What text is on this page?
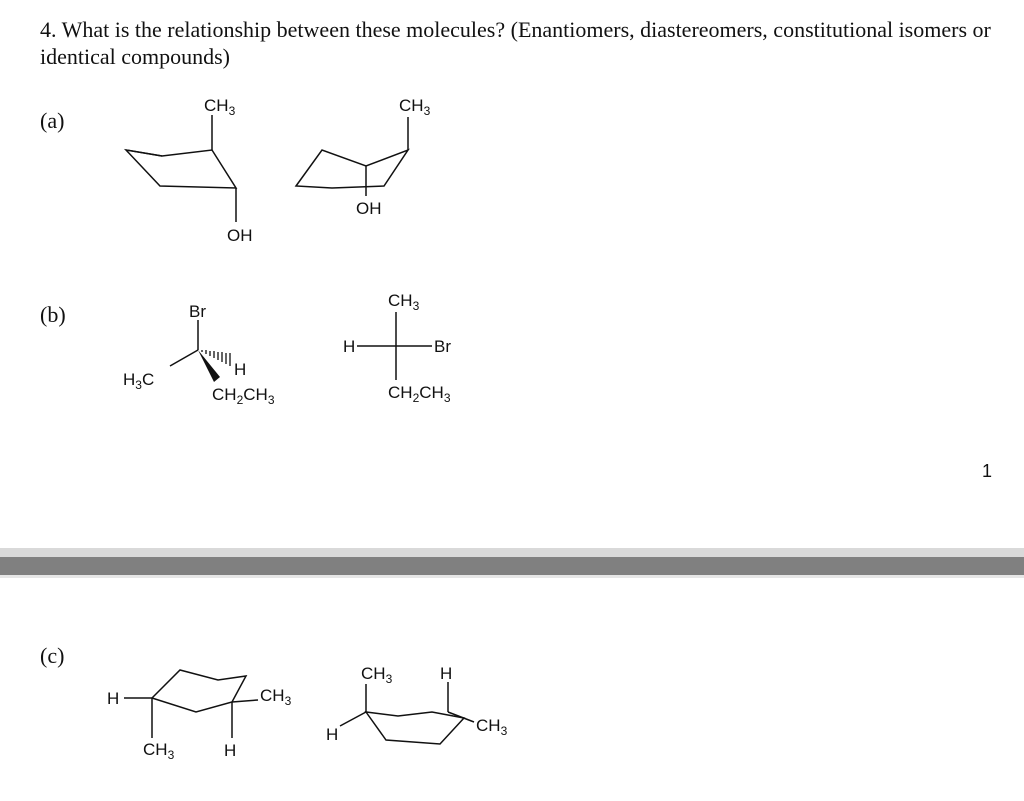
4. What is the relationship between these molecules? (Enantiomers, diastereomers, constitutional isomers or identical compounds)
(a)
(b)
(c)
1
$CH_3$
OH
$CH_3$
OH
Br
H
$H_3C$
$CH_2CH_3$
$CH_3$
H	Br
$CH_2CH_3$
H
$CH_3$
$CH_3$
H
$CH_3$	H
H	$CH_3$
